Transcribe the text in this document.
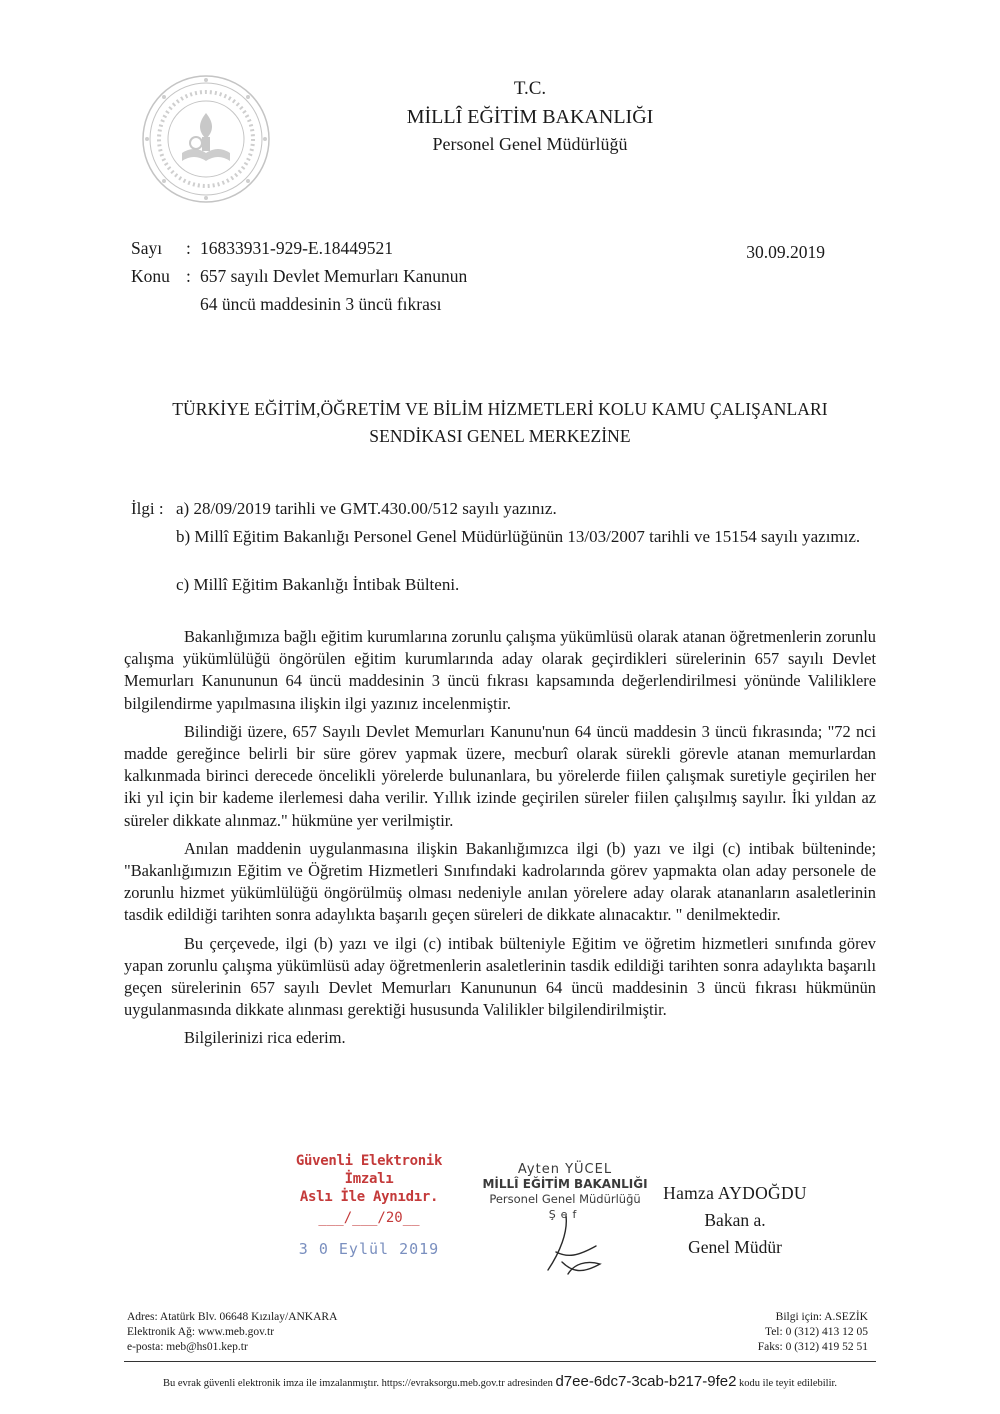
T.C.
MİLLÎ EĞİTİM BAKANLIĞI
Personel Genel Müdürlüğü
Sayı : 16833931-929-E.18449521
Konu : 657 sayılı Devlet Memurları Kanunun
64 üncü maddesinin 3 üncü fıkrası
30.09.2019
TÜRKİYE EĞİTİM,ÖĞRETİM VE BİLİM HİZMETLERİ KOLU KAMU ÇALIŞANLARI
SENDİKASI GENEL MERKEZİNE
İlgi : a) 28/09/2019 tarihli ve GMT.430.00/512 sayılı yazınız.
b) Millî Eğitim Bakanlığı Personel Genel Müdürlüğünün 13/03/2007 tarihli ve 15154 sayılı yazımız.
c) Millî Eğitim Bakanlığı İntibak Bülteni.

Bakanlığımıza bağlı eğitim kurumlarına zorunlu çalışma yükümlüsü olarak atanan öğretmenlerin zorunlu çalışma yükümlülüğü öngörülen eğitim kurumlarında aday olarak geçirdikleri sürelerinin 657 sayılı Devlet Memurları Kanununun 64 üncü maddesinin 3 üncü fıkrası kapsamında değerlendirilmesi yönünde Valiliklere bilgilendirme yapılmasına ilişkin ilgi yazınız incelenmiştir.

Bilindiği üzere, 657 Sayılı Devlet Memurları Kanunu'nun 64 üncü maddesin 3 üncü fıkrasında; "72 nci madde gereğince belirli bir süre görev yapmak üzere, mecburî olarak sürekli görevle atanan memurlardan kalkınmada birinci derecede öncelikli yörelerde bulunanlara, bu yörelerde fiilen çalışmak suretiyle geçirilen her iki yıl için bir kademe ilerlemesi daha verilir. Yıllık izinde geçirilen süreler fiilen çalışılmış sayılır. İki yıldan az süreler dikkate alınmaz." hükmüne yer verilmiştir.

Anılan maddenin uygulanmasına ilişkin Bakanlığımızca ilgi (b) yazı ve ilgi (c) intibak bülteninde; "Bakanlığımızın Eğitim ve Öğretim Hizmetleri Sınıfındaki kadrolarında görev yapmakta olan aday personele de zorunlu hizmet yükümlülüğü öngörülmüş olması nedeniyle anılan yörelere aday olarak atananların asaletlerinin tasdik edildiği tarihten sonra adaylıkta başarılı geçen süreleri de dikkate alınacaktır. " denilmektedir.

Bu çerçevede, ilgi (b) yazı ve ilgi (c) intibak bülteniyle Eğitim ve öğretim hizmetleri sınıfında görev yapan zorunlu çalışma yükümlüsü aday öğretmenlerin asaletlerinin tasdik edildiği tarihten sonra adaylıkta başarılı geçen sürelerinin 657 sayılı Devlet Memurları Kanununun 64 üncü maddesinin 3 üncü fıkrası hükmünün uygulanmasında dikkate alınması gerektiği hususunda Valilikler bilgilendirilmiştir.

Bilgilerinizi rica ederim.

Güvenli Elektronik İmzalı
Aslı İle Aynıdır.
___/___/20__
3 0 Eylül 2019
Ayten YÜCEL
MİLLÎ EĞİTİM BAKANLIĞI
Personel Genel Müdürlüğü
Şef
Hamza AYDOĞDU
Bakan a.
Genel Müdür
Adres: Atatürk Blv. 06648 Kızılay/ANKARA
Elektronik Ağ: www.meb.gov.tr
e-posta: meb@hs01.kep.tr
Bilgi için: A.SEZİK
Tel: 0 (312) 413 12 05
Faks: 0 (312) 419 52 51
Bu evrak güvenli elektronik imza ile imzalanmıştır. https://evraksorgu.meb.gov.tr adresinden d7ee-6dc7-3cab-b217-9fe2 kodu ile teyit edilebilir.
